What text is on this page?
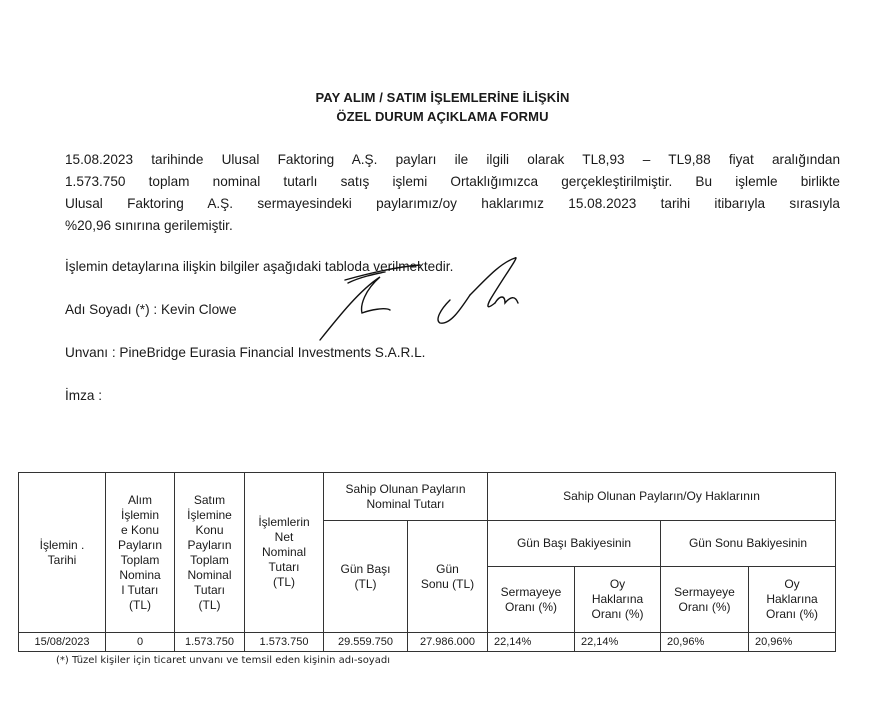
PAY ALIM / SATIM İŞLEMLERİNE İLİŞKİN
ÖZEL DURUM AÇIKLAMA FORMU
15.08.2023 tarihinde Ulusal Faktoring A.Ş. payları ile ilgili olarak TL8,93 – TL9,88 fiyat aralığından
1.573.750 toplam nominal tutarlı satış işlemi Ortaklığımızca gerçekleştirilmiştir. Bu işlemle birlikte
Ulusal Faktoring A.Ş. sermayesindeki paylarımız/oy haklarımız 15.08.2023 tarihi itibarıyla sırasıyla
%20,96 sınırına gerilemiştir.
İşlemin detaylarına ilişkin bilgiler aşağıdaki tabloda verilmektedir.
Adı Soyadı (*) : Kevin Clowe
Unvanı : PineBridge Eurasia Financial Investments S.A.R.L.
İmza :
İşlemin .
Tarihi

Alım
İşlemin
e Konu
Payların
Toplam
Nomina
l Tutarı
(TL)

Satım
İşlemine
Konu
Payların
Toplam
Nominal
Tutarı
(TL)

İşlemlerin
Net
Nominal
Tutarı
(TL)

Sahip Olunan Payların
Nominal Tutarı
	Sahip Olunan Payların/Oy Haklarının

Gün Başı
(TL)

Gün
Sonu (TL)
	Gün Başı Bakiyesinin	Gün Sonu Bakiyesinin

Sermayeye
Oranı (%)

Oy
Haklarına
Oranı (%)

Sermayeye
Oranı (%)

Oy
Haklarına
Oranı (%)

15/08/2023	0	1.573.750	1.573.750	29.559.750	27.986.000	22,14%	22,14%	20,96%	20,96%
(*) Tüzel kişiler için ticaret unvanı ve temsil eden kişinin adı-soyadı
